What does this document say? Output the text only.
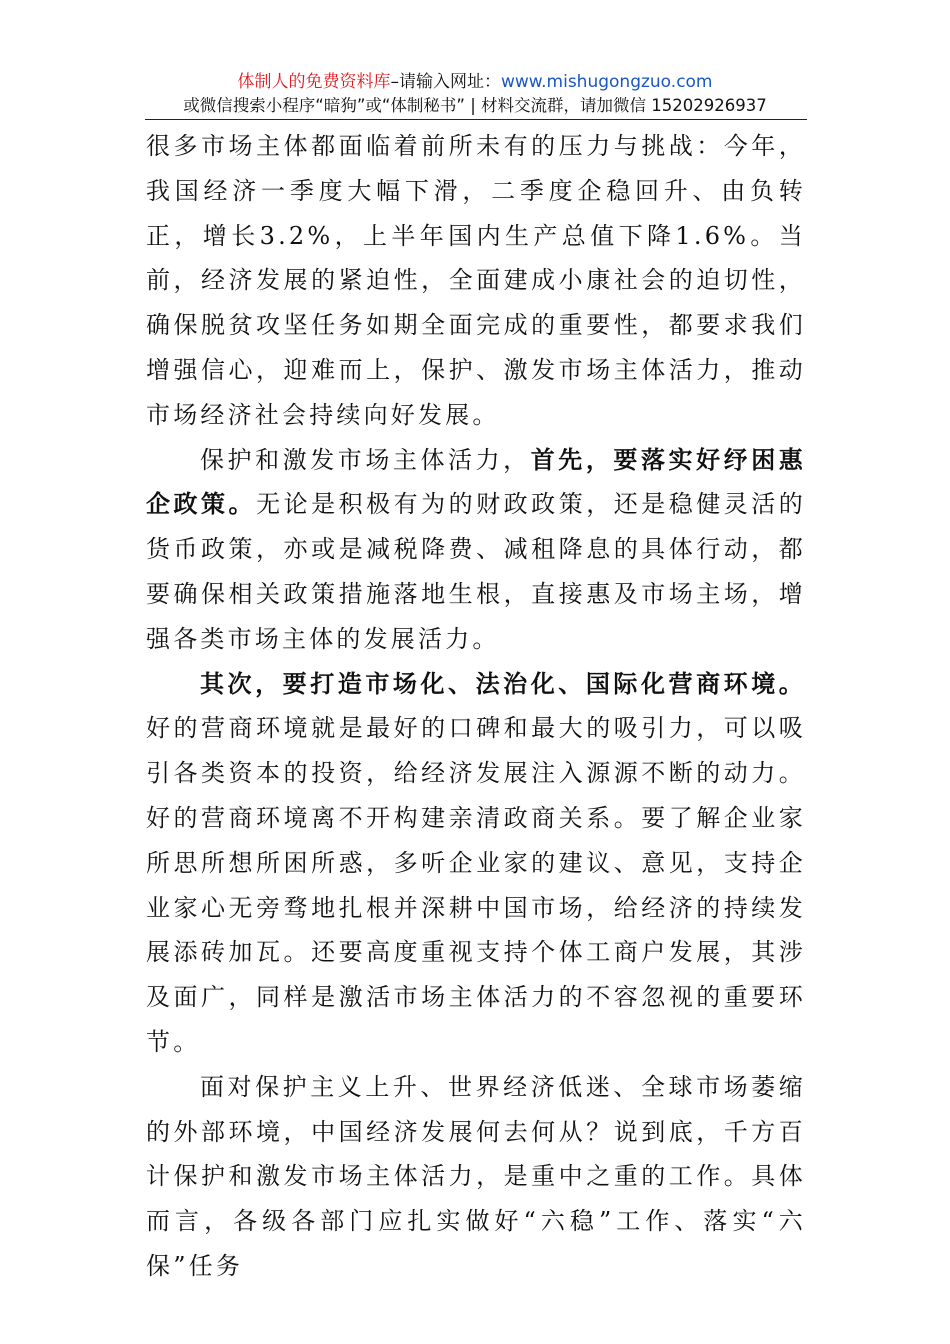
体制人的免费资料库–请输入网址：www.mishugongzuo.com
或微信搜索小程序“暗狗”或“体制秘书” | 材料交流群，请加微信 15202926937

很多市场主体都面临着前所未有的压力与挑战：今年，我国经济一季度大幅下滑，二季度企稳回升、由负转正，增长3.2%，上半年国内生产总值下降1.6%。当前，经济发展的紧迫性，全面建成小康社会的迫切性，确保脱贫攻坚任务如期全面完成的重要性，都要求我们增强信心，迎难而上，保护、激发市场主体活力，推动市场经济社会持续向好发展。

保护和激发市场主体活力，首先，要落实好纾困惠企政策。无论是积极有为的财政政策，还是稳健灵活的货币政策，亦或是减税降费、减租降息的具体行动，都要确保相关政策措施落地生根，直接惠及市场主场，增强各类市场主体的发展活力。

其次，要打造市场化、法治化、国际化营商环境。好的营商环境就是最好的口碑和最大的吸引力，可以吸引各类资本的投资，给经济发展注入源源不断的动力。好的营商环境离不开构建亲清政商关系。要了解企业家所思所想所困所惑，多听企业家的建议、意见，支持企业家心无旁骛地扎根并深耕中国市场，给经济的持续发展添砖加瓦。还要高度重视支持个体工商户发展，其涉及面广，同样是激活市场主体活力的不容忽视的重要环节。

面对保护主义上升、世界经济低迷、全球市场萎缩的外部环境，中国经济发展何去何从？说到底，千方百计保护和激发市场主体活力，是重中之重的工作。具体而言，各级各部门应扎实做好“六稳”工作、落实“六保”任务
